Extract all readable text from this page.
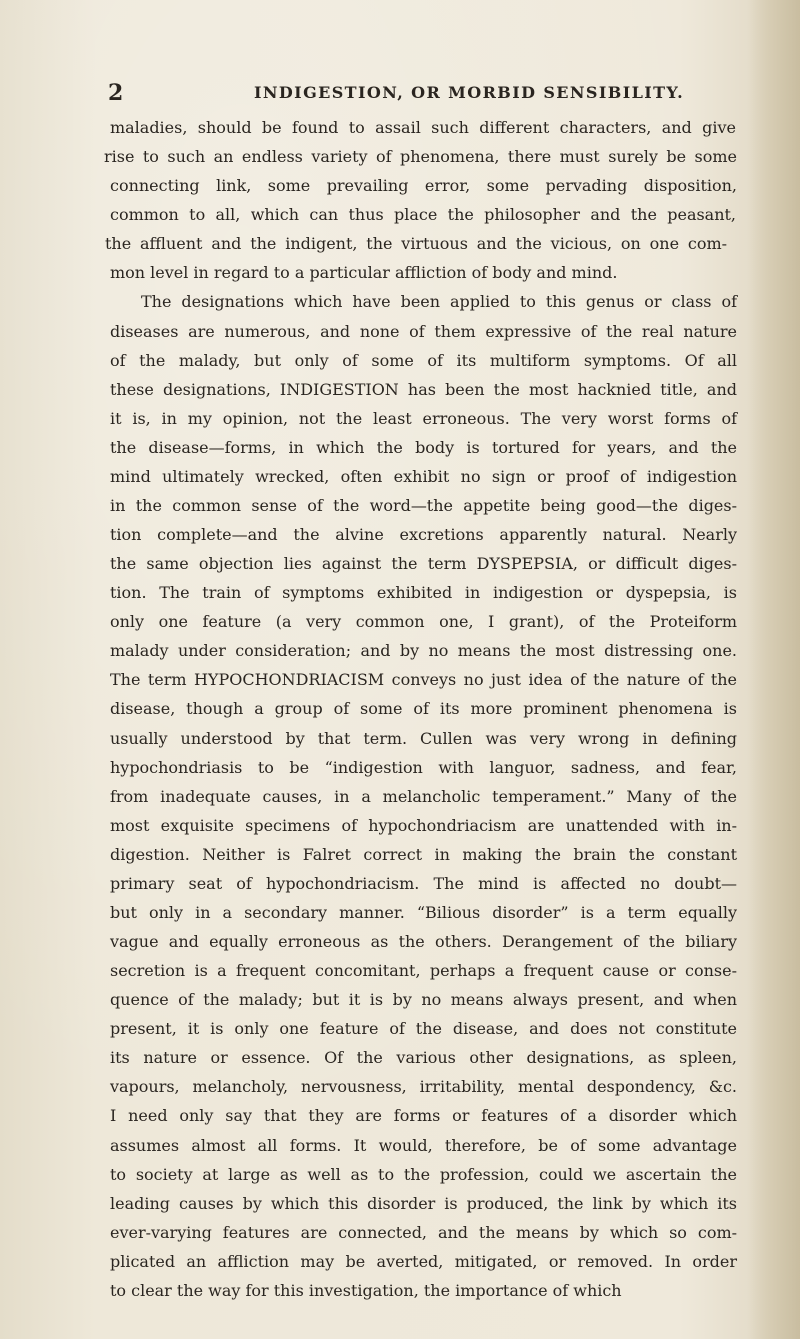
2	INDIGESTION, OR MORBID SENSIBILITY.
maladies, should be found to assail such different characters, and give
rise to such an endless variety of phenomena, there must surely be some
connecting link, some prevailing error, some pervading disposition,
common to all, which can thus place the philosopher and the peasant,
the affluent and the indigent, the virtuous and the vicious, on one com-
mon level in regard to a particular affliction of body and mind.
The designations which have been applied to this genus or class of
diseases are numerous, and none of them expressive of the real nature
of the malady, but only of some of its multiform symptoms. Of all
these designations, INDIGESTION has been the most hacknied title, and
it is, in my opinion, not the least erroneous. The very worst forms of
the disease—forms, in which the body is tortured for years, and the
mind ultimately wrecked, often exhibit no sign or proof of indigestion
in the common sense of the word—the appetite being good—the diges-
tion complete—and the alvine excretions apparently natural. Nearly
the same objection lies against the term DYSPEPSIA, or difficult diges-
tion. The train of symptoms exhibited in indigestion or dyspepsia, is
only one feature (a very common one, I grant), of the Proteiform
malady under consideration; and by no means the most distressing one.
The term HYPOCHONDRIACISM conveys no just idea of the nature of the
disease, though a group of some of its more prominent phenomena is
usually understood by that term. Cullen was very wrong in defining
hypochondriasis to be “indigestion with languor, sadness, and fear,
from inadequate causes, in a melancholic temperament.” Many of the
most exquisite specimens of hypochondriacism are unattended with in-
digestion. Neither is Falret correct in making the brain the constant
primary seat of hypochondriacism. The mind is affected no doubt—
but only in a secondary manner. “Bilious disorder” is a term equally
vague and equally erroneous as the others. Derangement of the biliary
secretion is a frequent concomitant, perhaps a frequent cause or conse-
quence of the malady; but it is by no means always present, and when
present, it is only one feature of the disease, and does not constitute
its nature or essence. Of the various other designations, as spleen,
vapours, melancholy, nervousness, irritability, mental despondency, &c.
I need only say that they are forms or features of a disorder which
assumes almost all forms. It would, therefore, be of some advantage
to society at large as well as to the profession, could we ascertain the
leading causes by which this disorder is produced, the link by which its
ever-varying features are connected, and the means by which so com-
plicated an affliction may be averted, mitigated, or removed. In order
to clear the way for this investigation, the importance of which
